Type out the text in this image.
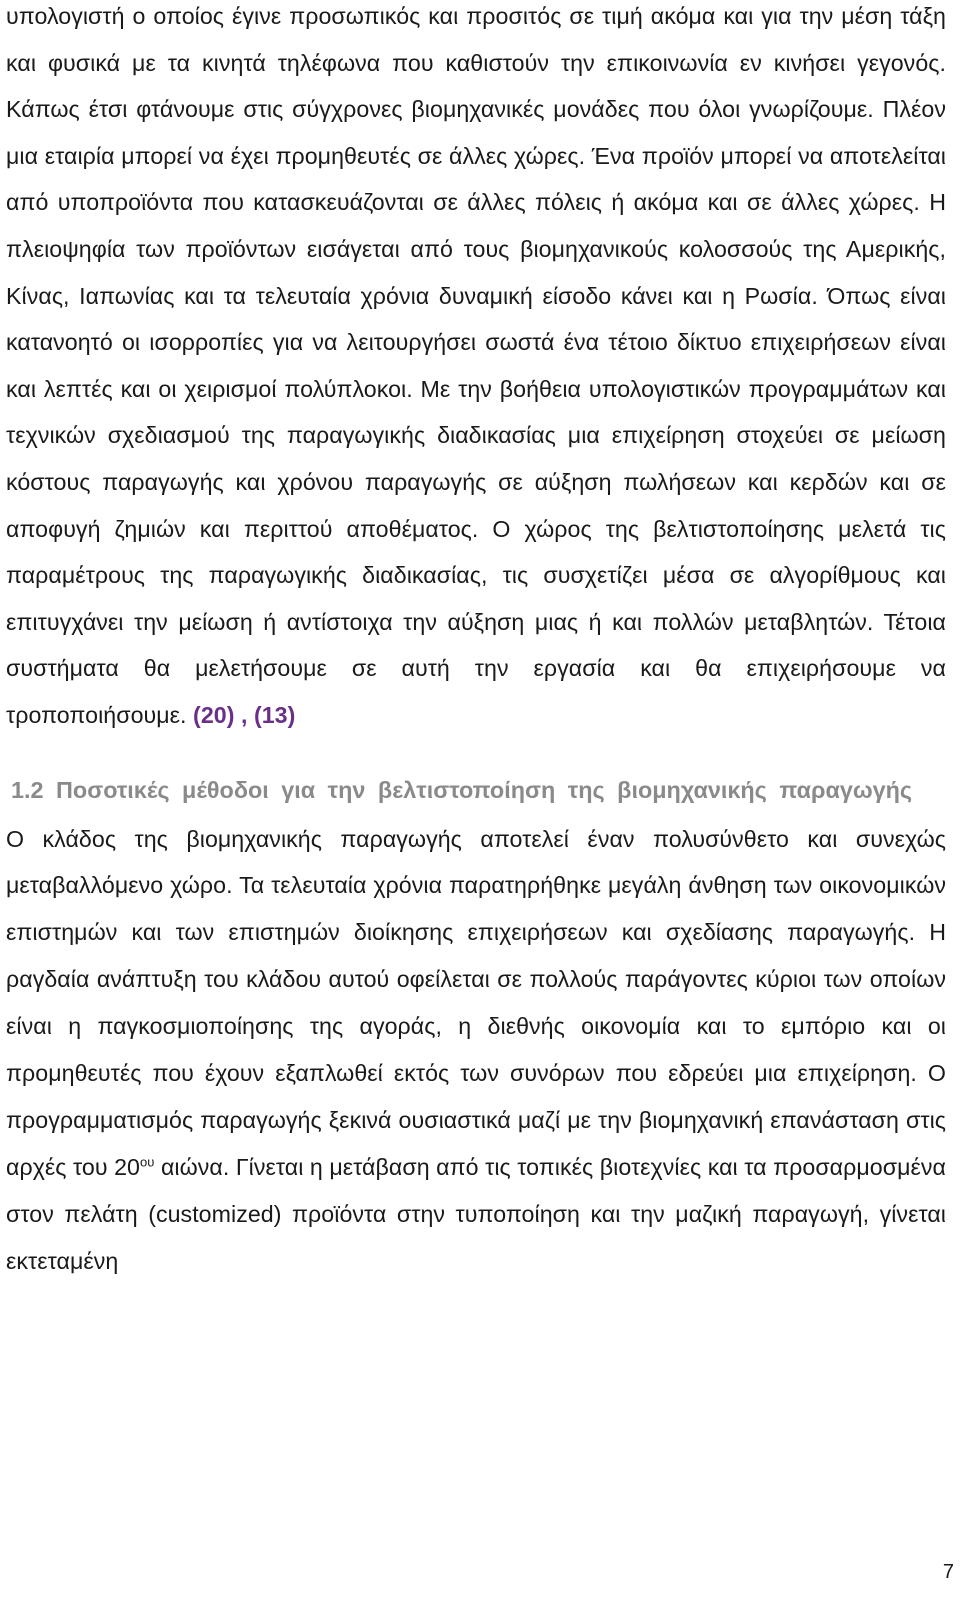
υπολογιστή ο οποίος έγινε προσωπικός και προσιτός σε τιμή ακόμα και για την μέση τάξη και φυσικά με τα κινητά τηλέφωνα που καθιστούν την επικοινωνία εν κινήσει γεγονός. Κάπως έτσι φτάνουμε στις σύγχρονες βιομηχανικές μονάδες που όλοι γνωρίζουμε. Πλέον μια εταιρία μπορεί να έχει προμηθευτές σε άλλες χώρες. Ένα προϊόν μπορεί να αποτελείται από υποπροϊόντα που κατασκευάζονται σε άλλες πόλεις ή ακόμα και σε άλλες χώρες. Η πλειοψηφία των προϊόντων εισάγεται από τους βιομηχανικούς κολοσσούς της Αμερικής, Κίνας, Ιαπωνίας και τα τελευταία χρόνια δυναμική είσοδο κάνει και η Ρωσία. Όπως είναι κατανοητό οι ισορροπίες για να λειτουργήσει σωστά ένα τέτοιο δίκτυο επιχειρήσεων είναι και λεπτές και οι χειρισμοί πολύπλοκοι. Με την βοήθεια υπολογιστικών προγραμμάτων και τεχνικών σχεδιασμού της παραγωγικής διαδικασίας μια επιχείρηση στοχεύει σε μείωση κόστους παραγωγής και χρόνου παραγωγής σε αύξηση πωλήσεων και κερδών και σε αποφυγή ζημιών και περιττού αποθέματος. Ο χώρος της βελτιστοποίησης μελετά τις παραμέτρους της παραγωγικής διαδικασίας, τις συσχετίζει μέσα σε αλγορίθμους και επιτυγχάνει την μείωση ή αντίστοιχα την αύξηση μιας ή και πολλών μεταβλητών. Τέτοια συστήματα θα μελετήσουμε σε αυτή την εργασία και θα επιχειρήσουμε να τροποποιήσουμε. (20) , (13)

1.2 Ποσοτικές μέθοδοι για την βελτιστοποίηση της βιομηχανικής παραγωγής

Ο κλάδος της βιομηχανικής παραγωγής αποτελεί έναν πολυσύνθετο και συνεχώς μεταβαλλόμενο χώρο. Τα τελευταία χρόνια παρατηρήθηκε μεγάλη άνθηση των οικονομικών επιστημών και των επιστημών διοίκησης επιχειρήσεων και σχεδίασης παραγωγής. Η ραγδαία ανάπτυξη του κλάδου αυτού οφείλεται σε πολλούς παράγοντες κύριοι των οποίων είναι η παγκοσμιοποίησης της αγοράς, η διεθνής οικονομία και το εμπόριο και οι προμηθευτές που έχουν εξαπλωθεί εκτός των συνόρων που εδρεύει μια επιχείρηση. Ο προγραμματισμός παραγωγής ξεκινά ουσιαστικά μαζί με την βιομηχανική επανάσταση στις αρχές του $20^{o\upsilon}$ αιώνα. Γίνεται η μετάβαση από τις τοπικές βιοτεχνίες και τα προσαρμοσμένα στον πελάτη (customized) προϊόντα στην τυποποίηση και την μαζική παραγωγή, γίνεται εκτεταμένη

7
